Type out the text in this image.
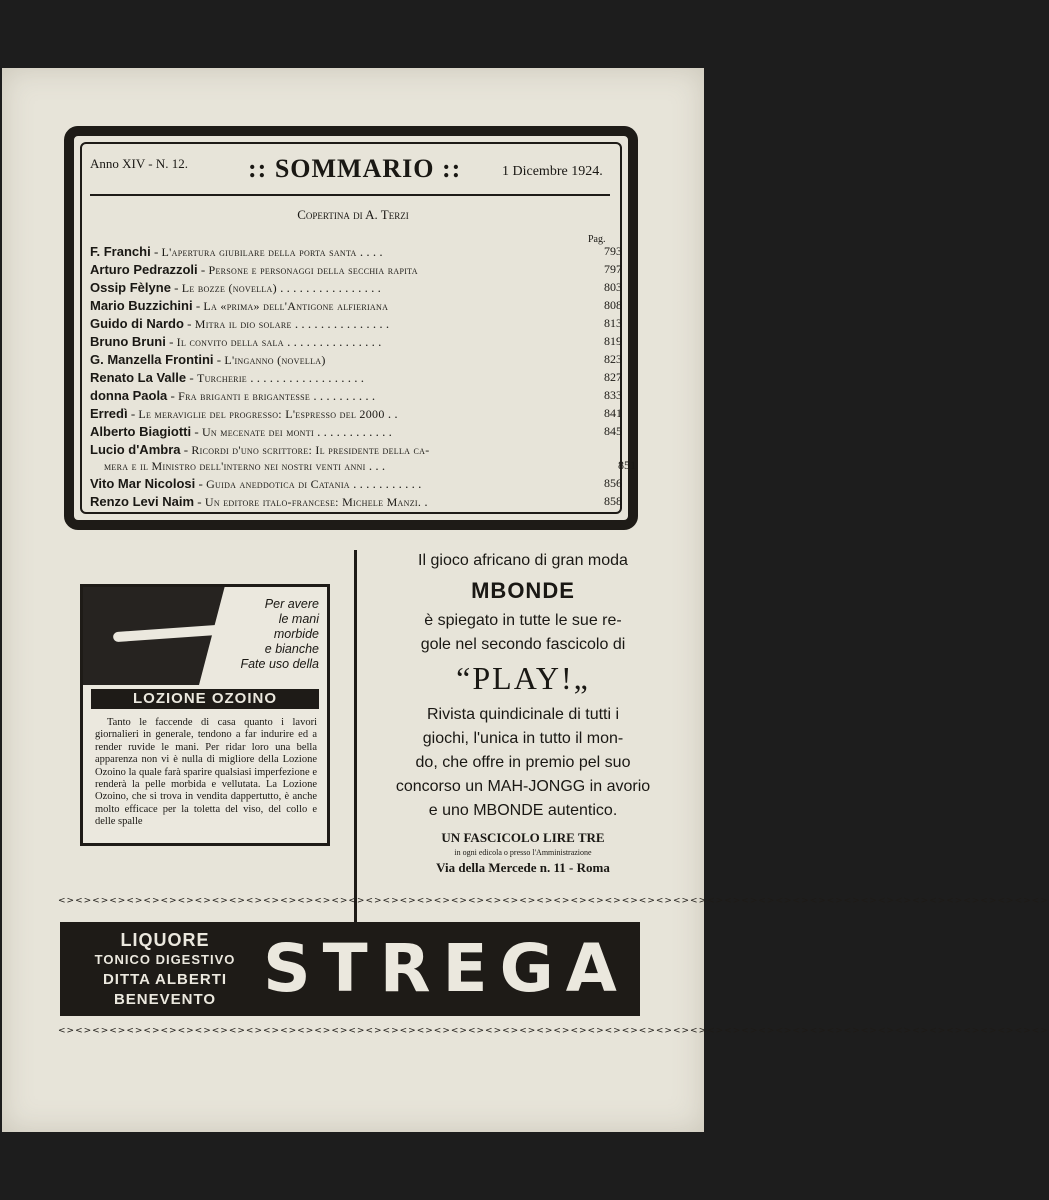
Anno XIV - N. 12. :: SOMMARIO ::	1 Dicembre 1924.
Copertina di A. Terzi
Pag.
F. Franchi - L'apertura giubilare della porta santa . . . .	793
Arturo Pedrazzoli - Persone e personaggi della secchia rapita	797
Ossip Fèlyne - Le bozze (novella) . . . . . . . . . . . . . . . .	803
Mario Buzzichini - La «prima» dell'Antigone alfieriana	808
Guido di Nardo - Mitra il dio solare . . . . . . . . . . . . . . .	813
Bruno Bruni - Il convito della sala . . . . . . . . . . . . . . .	819
G. Manzella Frontini - L'inganno (novella)	823
Renato La Valle - Turcherie . . . . . . . . . . . . . . . . . .	827
donna Paola - Fra briganti e brigantesse . . . . . . . . . .	833
Erredì - Le meraviglie del progresso: L'espresso del 2000 . .	841
Alberto Biagiotti - Un mecenate dei monti . . . . . . . . . . . .	845
Lucio d'Ambra - Ricordi d'uno scrittore: Il presidente della ca-
mera e il Ministro dell'interno nei nostri venti anni . . .	851
Vito Mar Nicolosi - Guida aneddotica di Catania . . . . . . . . . . .	856
Renzo Levi Naim - Un editore italo-francese: Michele Manzi. .	858
Per avere
le mani
morbide
e bianche
Fate uso della
LOZIONE OZOINO
Tanto le faccende di casa quanto i lavori giornalieri in generale, tendono a far indurire ed a render ruvide le mani. Per ridar loro una bella apparenza non vi è nulla di migliore della Lozione Ozoino la quale farà sparire qualsiasi imperfezione e renderà la pelle morbida e vellutata. La Lozione Ozoino, che si trova in vendita dappertutto, è anche molto efficace per la toletta del viso, del collo e delle spalle
Il gioco africano di gran moda
MBONDE
è spiegato in tutte le sue re-
gole nel secondo fascicolo di
“PLAY!„
Rivista quindicinale di tutti i
giochi, l'unica in tutto il mon-
do, che offre in premio pel suo
concorso un MAH-JONGG in avorio
e uno MBONDE autentico.
UN FASCICOLO LIRE TRE
in ogni edicola o presso l'Amministrazione
Via della Mercede n. 11 - Roma
<><><><><><><><><><><><><><><><><><><><><><><><><><><><><><><><><><><><><><><><><><><><><><><><><><><><><><><><><><>
LIQUORE
TONICO DIGESTIVO
DITTA ALBERTI
BENEVENTO STREGA
<><><><><><><><><><><><><><><><><><><><><><><><><><><><><><><><><><><><><><><><><><><><><><><><><><><><><><><><><><>
